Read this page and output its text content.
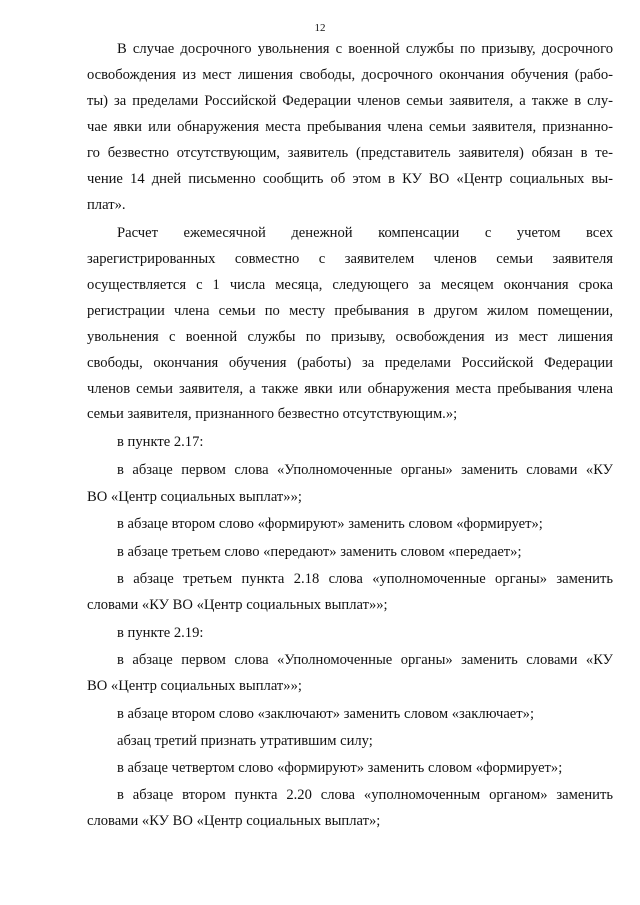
12
В случае досрочного увольнения с военной службы по призыву, досрочного
освобождения из мест лишения свободы, досрочного окончания обучения (рабо-
ты) за пределами Российской Федерации членов семьи заявителя, а также в слу-
чае явки или обнаружения места пребывания члена семьи заявителя, признанно-
го безвестно отсутствующим, заявитель (представитель заявителя) обязан в те-
чение 14 дней письменно сообщить об этом в КУ ВО «Центр социальных вы-
плат».
Расчет ежемесячной денежной компенсации с учетом всех
зарегистрированных совместно с заявителем членов семьи заявителя
осуществляется с 1 числа месяца, следующего за месяцем окончания срока
регистрации члена семьи по месту пребывания в другом жилом помещении,
увольнения с военной службы по призыву, освобождения из мест лишения
свободы, окончания обучения (работы) за пределами Российской Федерации
членов семьи заявителя, а также явки или обнаружения места пребывания члена
семьи заявителя, признанного безвестно отсутствующим.»;
в пункте 2.17:
в абзаце первом слова «Уполномоченные органы» заменить словами «КУ
ВО «Центр социальных выплат»»;
в абзаце втором слово «формируют» заменить словом «формирует»;
в абзаце третьем слово «передают» заменить словом «передает»;
в абзаце третьем пункта 2.18 слова «уполномоченные органы» заменить
словами «КУ ВО «Центр социальных выплат»»;
в пункте 2.19:
в абзаце первом слова «Уполномоченные органы» заменить словами «КУ
ВО «Центр социальных выплат»»;
в абзаце втором слово «заключают» заменить словом «заключает»;
абзац третий признать утратившим силу;
в абзаце четвертом слово «формируют» заменить словом «формирует»;
в абзаце втором пункта 2.20 слова «уполномоченным органом» заменить
словами «КУ ВО «Центр социальных выплат»;
